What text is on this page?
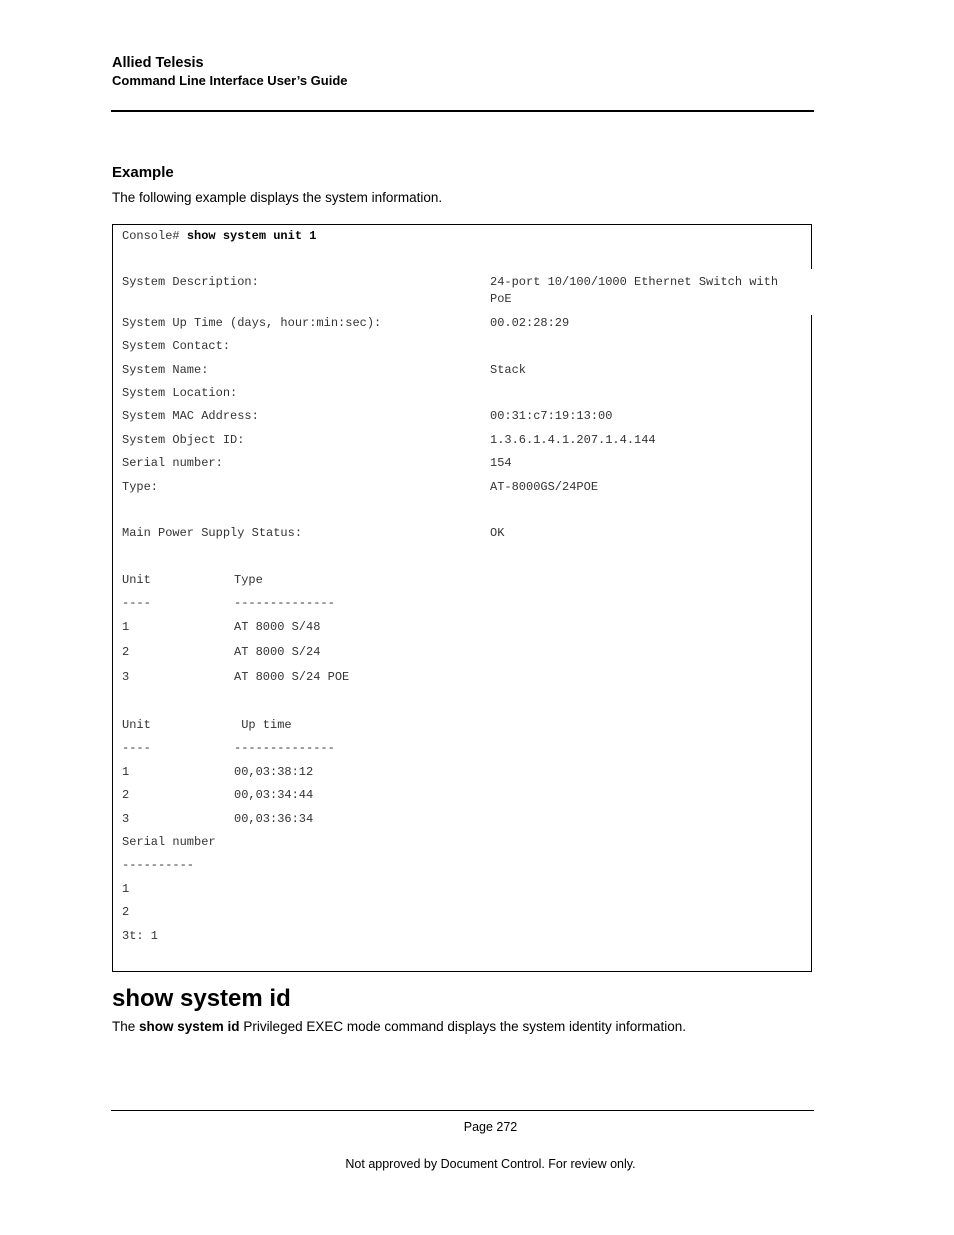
Allied Telesis
Command Line Interface User’s Guide
Example
The following example displays the system information.
Console# show system unit 1
System Description:	24-port 10/100/1000 Ethernet Switch with
PoE
System Up Time (days, hour:min:sec):	00.02:28:29
System Contact:
System Name:	Stack
System Location:
System MAC Address:	00:31:c7:19:13:00
System Object ID:	1.3.6.1.4.1.207.1.4.144
Serial number:	154
Type:	AT-8000GS/24POE
Main Power Supply Status:	OK
Unit	Type
----	--------------
1	AT 8000 S/48
2	AT 8000 S/24
3	AT 8000 S/24 POE
Unit	Up time
----	--------------
1	00,03:38:12
2	00,03:34:44
3	00,03:36:34
Serial number
----------
1
2
3t: 1
show system id
The show system id Privileged EXEC mode command displays the system identity information.
Page 272
Not approved by Document Control. For review only.
